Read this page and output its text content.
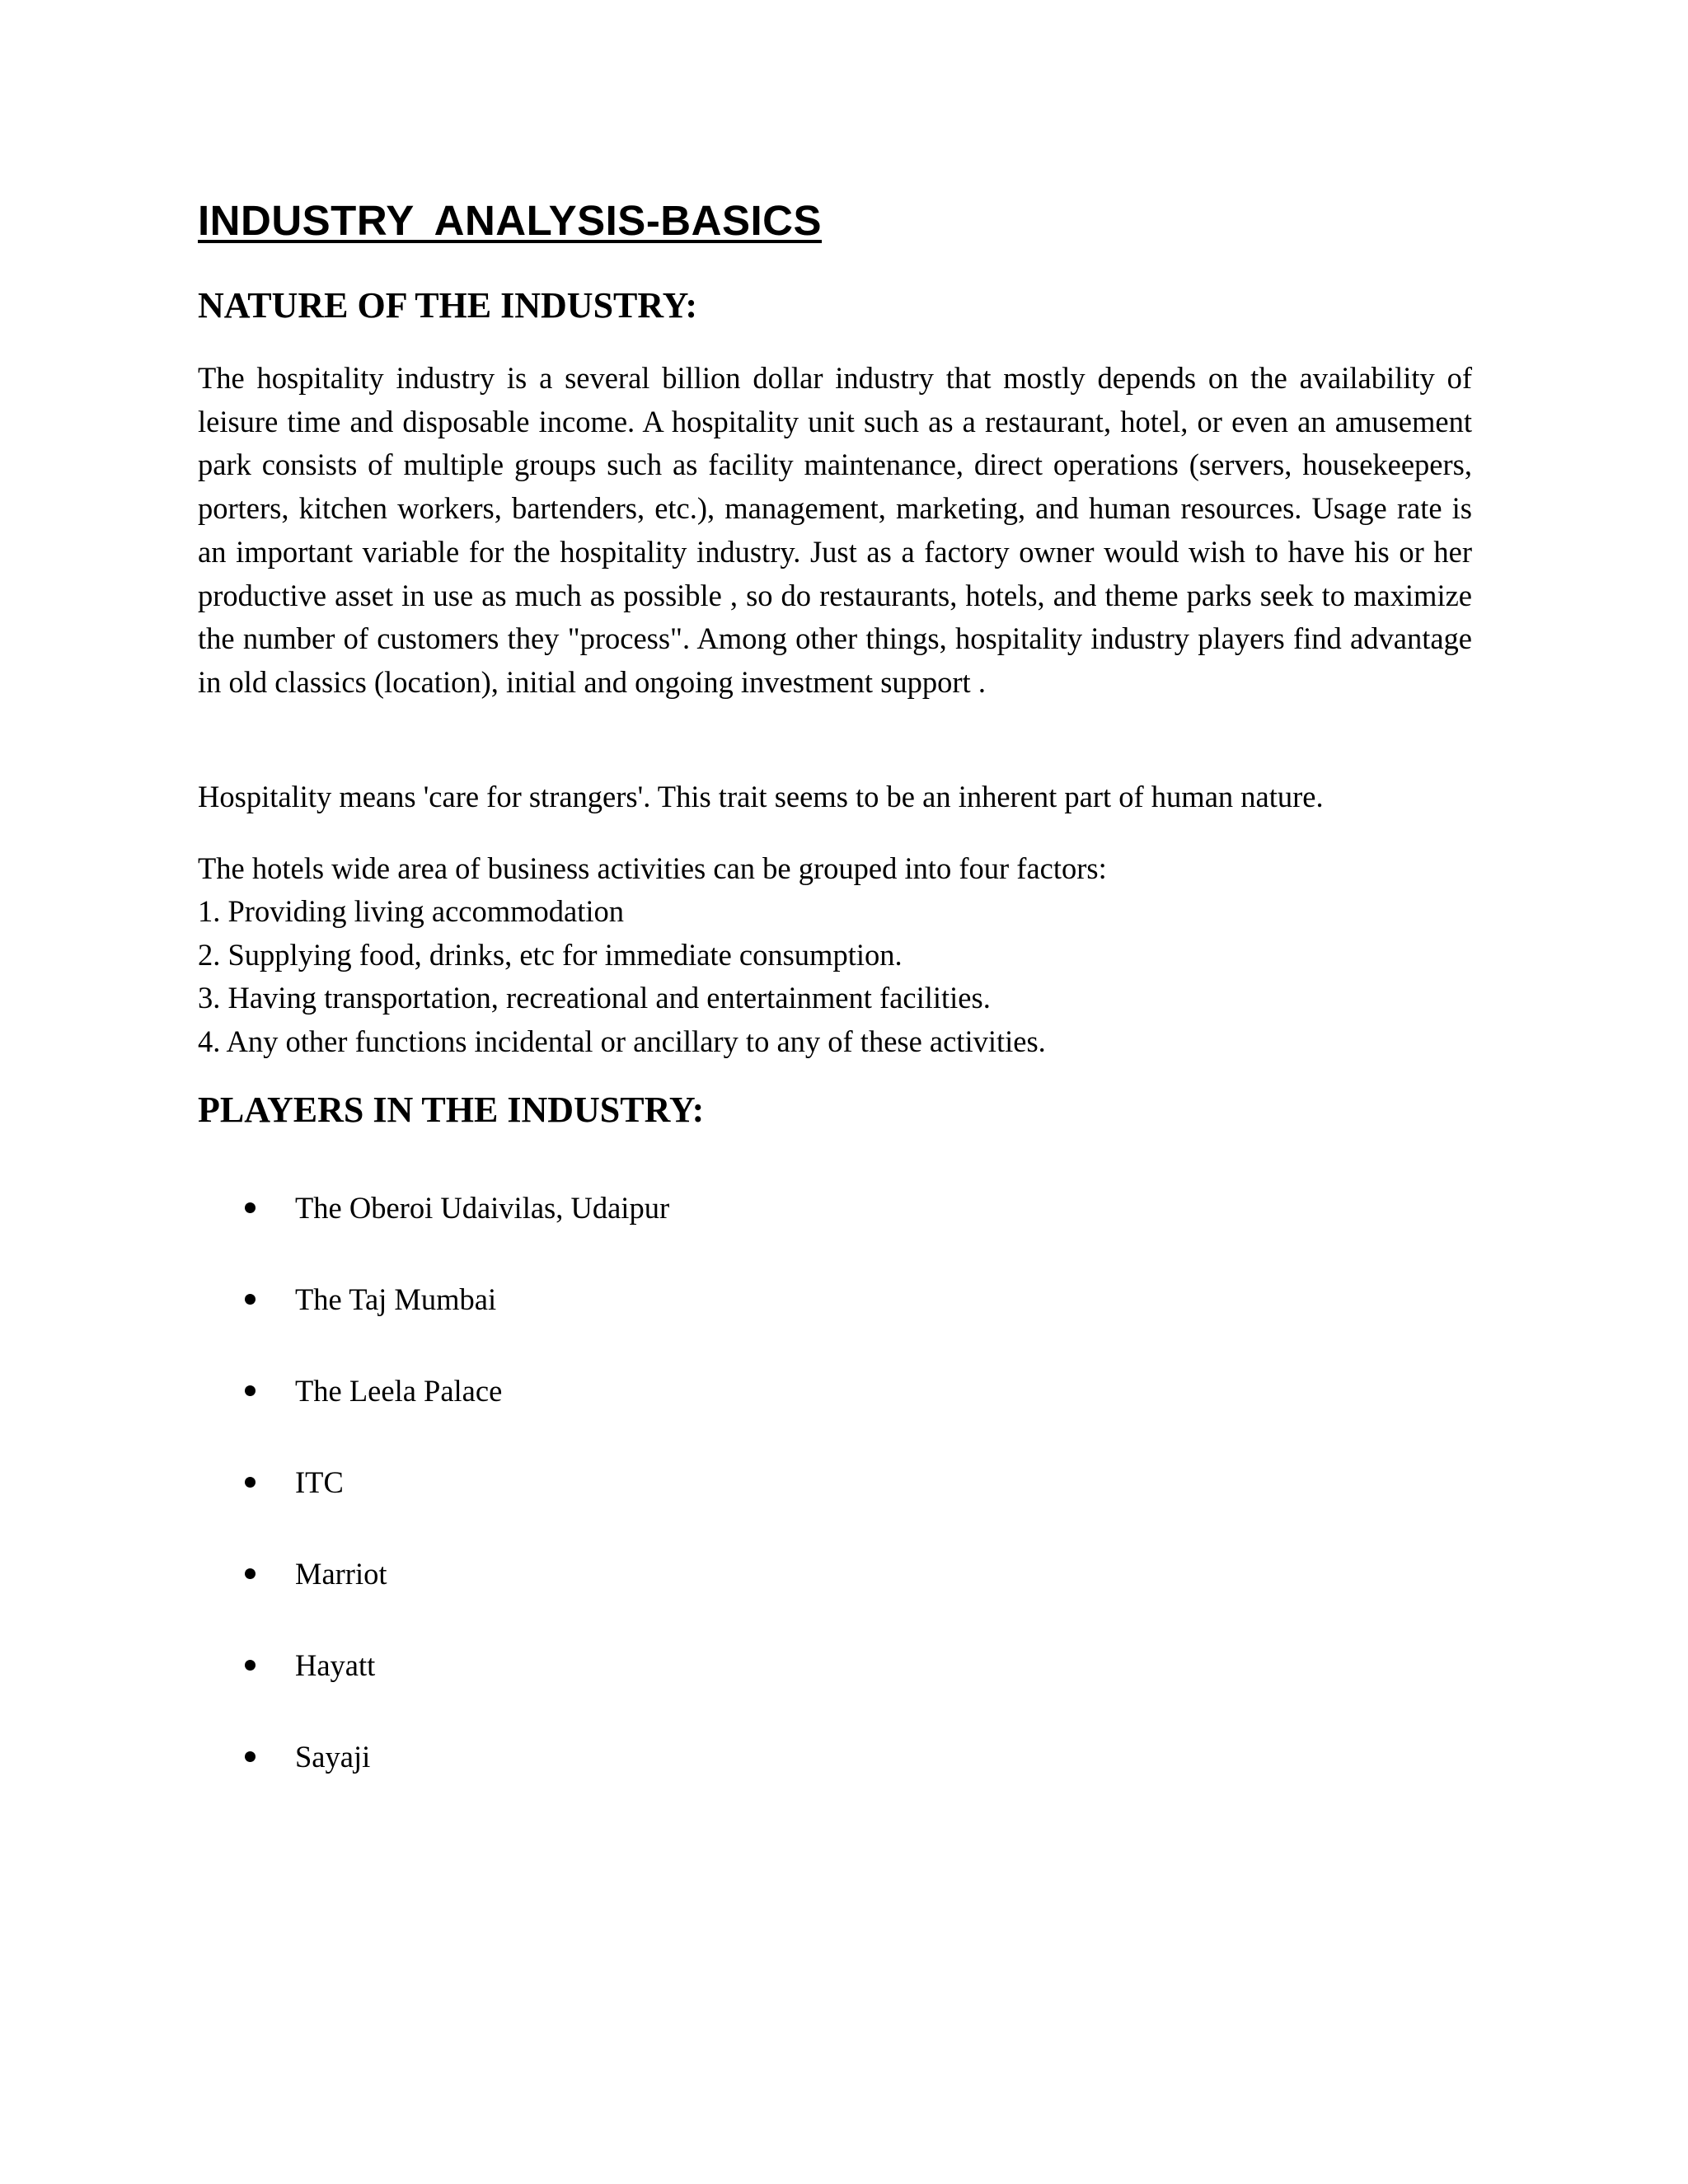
INDUSTRY ANALYSIS-BASICS
NATURE OF THE INDUSTRY:

The hospitality industry is a several billion dollar industry that mostly depends on the availability of leisure time and disposable income. A hospitality unit such as a restaurant, hotel, or even an amusement park consists of multiple groups such as facility maintenance, direct operations (servers, housekeepers, porters, kitchen workers, bartenders, etc.), management, marketing, and human resources. Usage rate is an important variable for the hospitality industry. Just as a factory owner would wish to have his or her productive asset in use as much as possible , so do restaurants, hotels, and theme parks seek to maximize the number of customers they "process". Among other things, hospitality industry players find advantage in old classics (location), initial and ongoing investment support .

Hospitality means 'care for strangers'. This trait seems to be an inherent part of human nature.

The hotels wide area of business activities can be grouped into four factors:

1. Providing living accommodation
2. Supplying food, drinks, etc for immediate consumption.
3. Having transportation, recreational and entertainment facilities.
4. Any other functions incidental or ancillary to any of these activities.
PLAYERS IN THE INDUSTRY:
The Oberoi Udaivilas, Udaipur
The Taj Mumbai
The Leela Palace
ITC
Marriot
Hayatt
Sayaji
